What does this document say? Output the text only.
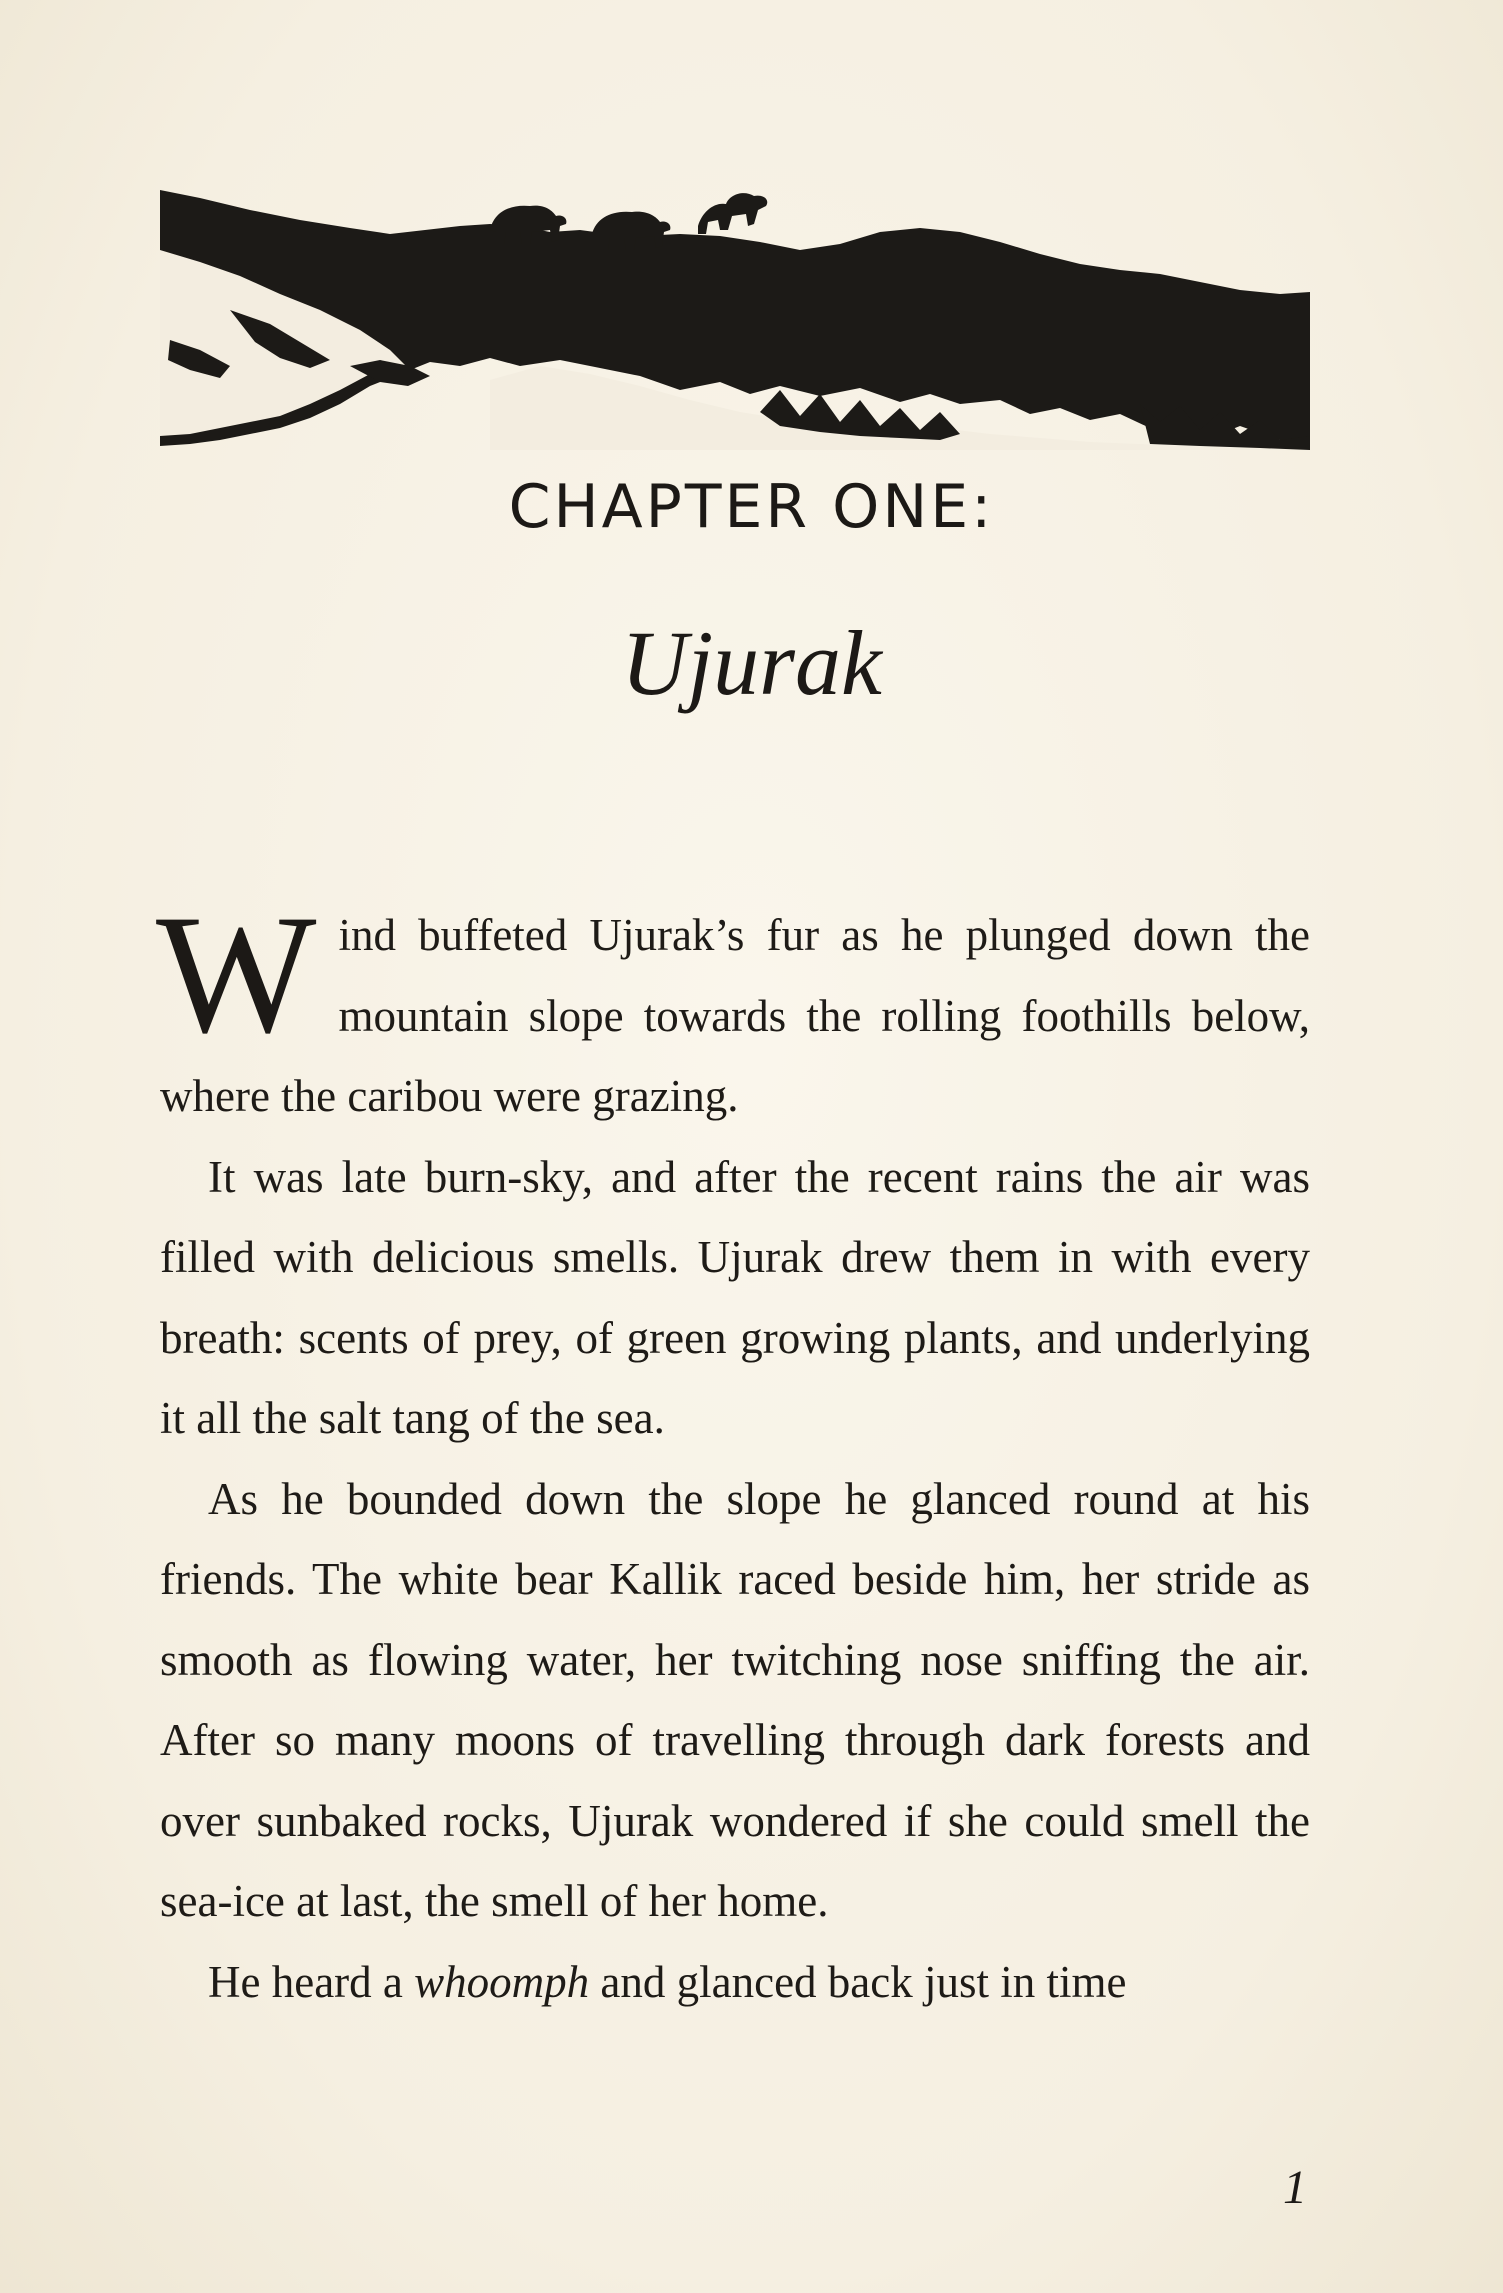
CHAPTER ONE:
Ujurak

Wind buffeted Ujurak’s fur as he plunged down the mountain slope towards the rolling foothills below, where the caribou were grazing.

It was late burn-sky, and after the recent rains the air was filled with delicious smells. Ujurak drew them in with every breath: scents of prey, of green growing plants, and underlying it all the salt tang of the sea.

As he bounded down the slope he glanced round at his friends. The white bear Kallik raced beside him, her stride as smooth as flowing water, her twitching nose sniffing the air. After so many moons of travelling through dark forests and over sunbaked rocks, Ujurak wondered if she could smell the sea-ice at last, the smell of her home.

He heard a whoomph and glanced back just in time

1
